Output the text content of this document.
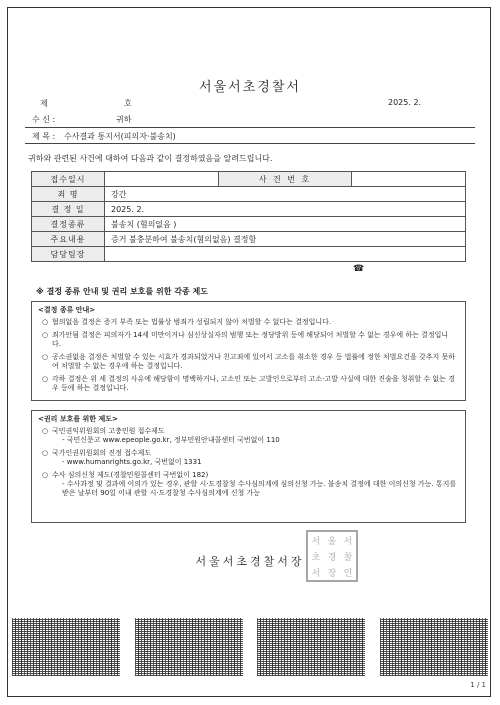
서울서초경찰서
제	호	2025. 2.
수 신 :	귀하
제 목 : 수사결과 통지서(피의자·불송치)
귀하와 관련된 사건에 대하여 다음과 같이 결정하였음을 알려드립니다.
접수일시		사 건 번 호	
죄 명	강간		
결 정 일	2025. 2.		
결정종류	불송치 (혐의없음 )		
주요내용	증거 불충분하여 불송치(혐의없음) 결정함		
담당팀장			
☎
※ 결정 종류 안내 및 권리 보호를 위한 각종 제도
<결정 종류 안내>
○ 혐의없음 결정은 증거 부족 또는 법률상 범죄가 성립되지 않아 처벌할 수 없다는 결정입니다.
○ 죄가안됨 결정은 피의자가 14세 미만이거나 심신상실자의 범행 또는 정당방위 등에 해당되어 처벌할 수 없는 경우에 하는 결정입니다.
○ 공소권없음 결정은 처벌할 수 있는 시효가 경과되었거나 친고죄에 있어서 고소를 취소한 경우 등 법률에 정한 처벌요건을 갖추지 못하여 처벌할 수 없는 경우에 하는 결정입니다.
○ 각하 결정은 위 세 결정의 사유에 해당함이 명백하거나, 고소인 또는 고발인으로부터 고소·고발 사실에 대한 진술을 청취할 수 없는 경우 등에 하는 결정입니다.
<권리 보호를 위한 제도>
○ 국민권익위원회의 고충민원 접수제도
- 국민신문고 www.epeople.go.kr, 정부민원안내콜센터 국번없이 110
○ 국가인권위원회의 진정 접수제도
- www.humanrights.go.kr, 국번없이 1331
○ 수사 심의신청 제도(경찰민원콜센터 국번없이 182)
- 수사과정 및 결과에 이의가 있는 경우, 관할 시·도경찰청 수사심의계에 심의신청 가능. 불송치 결정에 대한 이의신청 가능. 통지를 받은 날부터 90일 이내 관할 시·도경찰청 수사심의계에 신청 가능
서울서초경찰서장
서 울 서
초 경 찰
서 장 인
1 / 1
